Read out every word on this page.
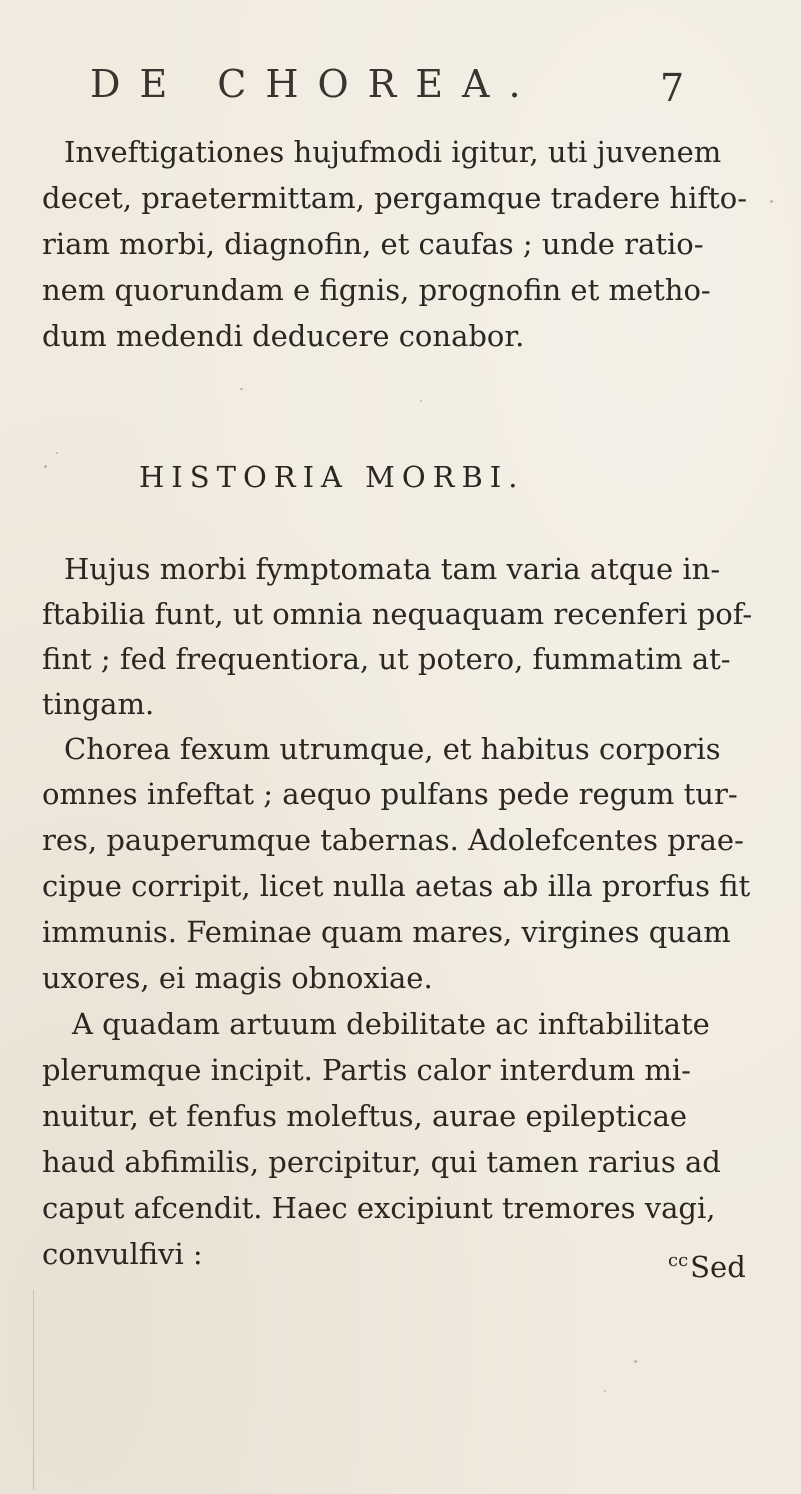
DE CHOREA.	7
Inveftigationes hujufmodi igitur, uti juvenem
decet, praetermittam, pergamque tradere hifto-
riam morbi, diagnofin, et caufas ; unde ratio-
nem quorundam e fignis, prognofin et metho-
dum medendi deducere conabor.
HISTORIA MORBI.
Hujus morbi fymptomata tam varia atque in-
ftabilia funt, ut omnia nequaquam recenferi pof-
fint ; fed frequentiora, ut potero, fummatim at-
tingam.
Chorea fexum utrumque, et habitus corporis
omnes infeftat ; aequo pulfans pede regum tur-
res, pauperumque tabernas. Adolefcentes prae-
cipue corripit, licet nulla aetas ab illa prorfus fit
immunis. Feminae quam mares, virgines quam
uxores, ei magis obnoxiae.
A quadam artuum debilitate ac inftabilitate
plerumque incipit. Partis calor interdum mi-
nuitur, et fenfus moleftus, aurae epilepticae
haud abfimilis, percipitur, qui tamen rarius ad
caput afcendit. Haec excipiunt tremores vagi,
convulfivi :	$^{cc}$Sed
